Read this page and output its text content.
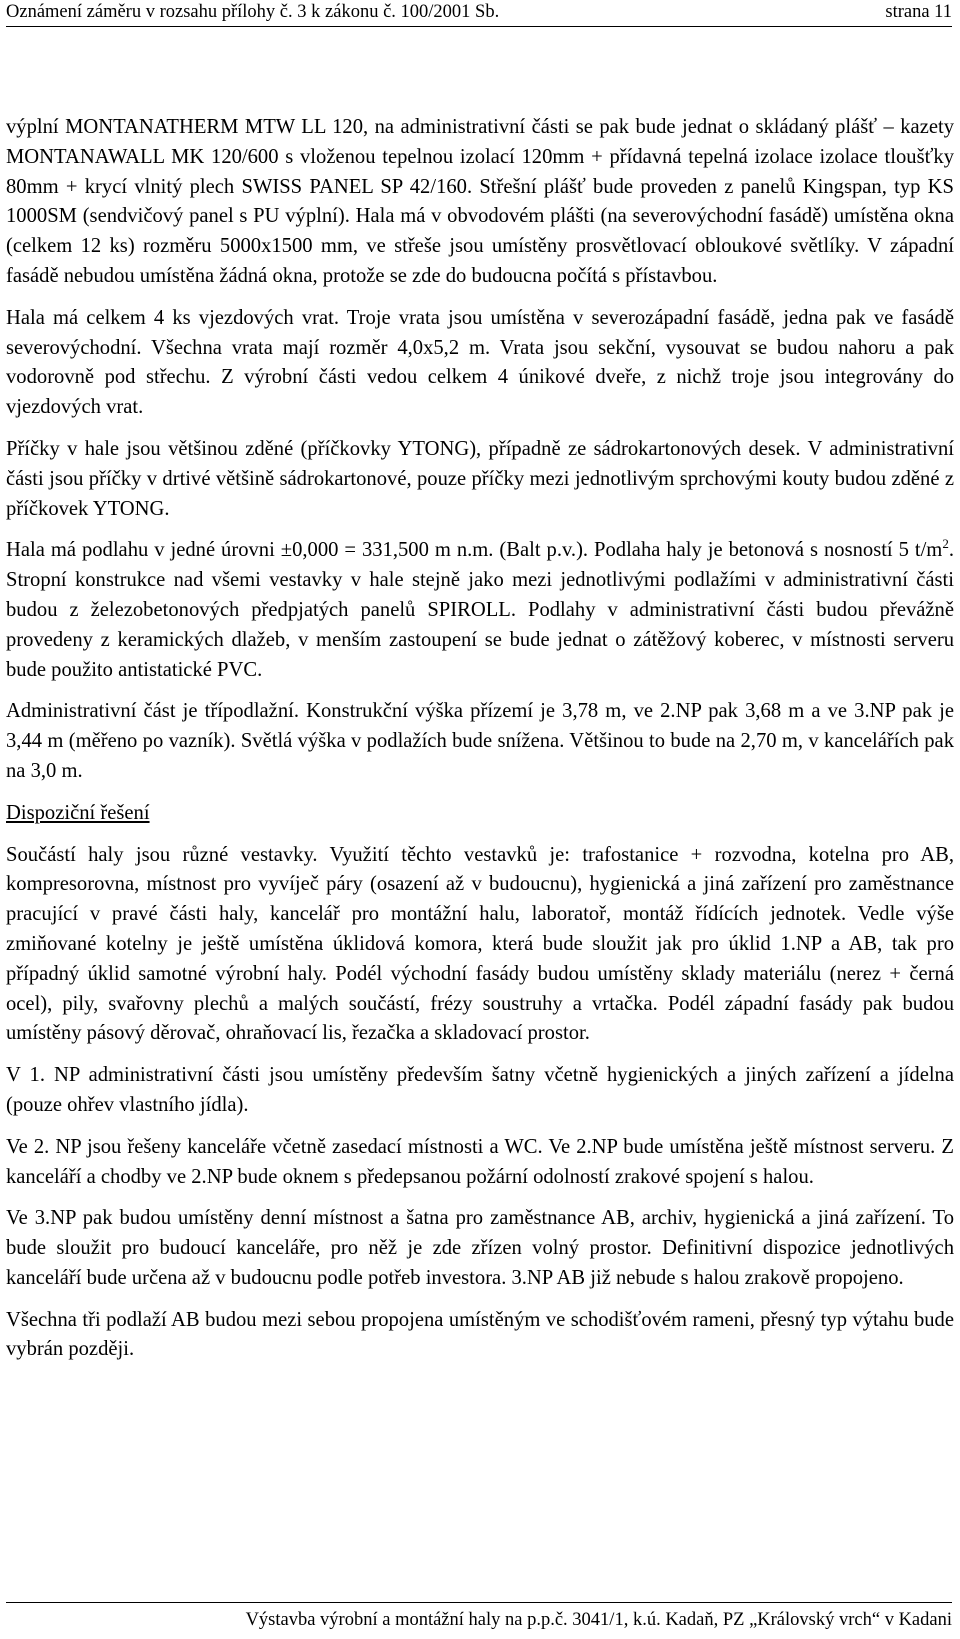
Oznámení záměru v rozsahu přílohy č. 3 k zákonu č. 100/2001 Sb.	strana 11

výplní MONTANATHERM MTW LL 120, na administrativní části se pak bude jednat o skládaný plášť – kazety MONTANAWALL MK 120/600 s vloženou tepelnou izolací 120mm + přídavná tepelná izolace izolace tloušťky 80mm + krycí vlnitý plech SWISS PANEL SP 42/160. Střešní plášť bude proveden z panelů Kingspan, typ KS 1000SM (sendvičový panel s PU výplní). Hala má v obvodovém plášti (na severovýchodní fasádě) umístěna okna (celkem 12 ks) rozměru 5000x1500 mm, ve střeše jsou umístěny prosvětlovací obloukové světlíky. V západní fasádě nebudou umístěna žádná okna, protože se zde do budoucna počítá s přístavbou.

Hala má celkem 4 ks vjezdových vrat. Troje vrata jsou umístěna v severozápadní fasádě, jedna pak ve fasádě severovýchodní. Všechna vrata mají rozměr 4,0x5,2 m. Vrata jsou sekční, vysouvat se budou nahoru a pak vodorovně pod střechu. Z výrobní části vedou celkem 4 únikové dveře, z nichž troje jsou integrovány do vjezdových vrat.

Příčky v hale jsou většinou zděné (příčkovky YTONG), případně ze sádrokartonových desek. V administrativní části jsou příčky v drtivé většině sádrokartonové, pouze příčky mezi jednotlivým sprchovými kouty budou zděné z příčkovek YTONG.

Hala má podlahu v jedné úrovni ±0,000 = 331,500 m n.m. (Balt p.v.). Podlaha haly je betonová s nosností 5 $t/m^2$. Stropní konstrukce nad všemi vestavky v hale stejně jako mezi jednotlivými podlažími v administrativní části budou z železobetonových předpjatých panelů SPIROLL. Podlahy v administrativní části budou převážně provedeny z keramických dlažeb, v menším zastoupení se bude jednat o zátěžový koberec, v místnosti serveru bude použito antistatické PVC.

Administrativní část je třípodlažní. Konstrukční výška přízemí je 3,78 m, ve 2.NP pak 3,68 m a ve 3.NP pak je 3,44 m (měřeno po vazník). Světlá výška v podlažích bude snížena. Většinou to bude na 2,70 m, v kancelářích pak na 3,0 m.

Dispoziční řešení

Součástí haly jsou různé vestavky. Využití těchto vestavků je: trafostanice + rozvodna, kotelna pro AB, kompresorovna, místnost pro vyvíječ páry (osazení až v budoucnu), hygienická a jiná zařízení pro zaměstnance pracující v pravé části haly, kancelář pro montážní halu, laboratoř, montáž řídících jednotek. Vedle výše zmiňované kotelny je ještě umístěna úklidová komora, která bude sloužit jak pro úklid 1.NP a AB, tak pro případný úklid samotné výrobní haly. Podél východní fasády budou umístěny sklady materiálu (nerez + černá ocel), pily, svařovny plechů a malých součástí, frézy soustruhy a vrtačka. Podél západní fasády pak budou umístěny pásový děrovač, ohraňovací lis, řezačka a skladovací prostor.

V 1. NP administrativní části jsou umístěny především šatny včetně hygienických a jiných zařízení a jídelna (pouze ohřev vlastního jídla).

Ve 2. NP jsou řešeny kanceláře včetně zasedací místnosti a WC. Ve 2.NP bude umístěna ještě místnost serveru. Z kanceláří a chodby ve 2.NP bude oknem s předepsanou požární odolností zrakové spojení s halou.

Ve 3.NP pak budou umístěny denní místnost a šatna pro zaměstnance AB, archiv, hygienická a jiná zařízení. To bude sloužit pro budoucí kanceláře, pro něž je zde zřízen volný prostor. Definitivní dispozice jednotlivých kanceláří bude určena až v budoucnu podle potřeb investora. 3.NP AB již nebude s halou zrakově propojeno.

Všechna tři podlaží AB budou mezi sebou propojena umístěným ve schodišťovém rameni, přesný typ výtahu bude vybrán později.

Výstavba výrobní a montážní haly na p.p.č. 3041/1, k.ú. Kadaň, PZ „Královský vrch“ v Kadani
